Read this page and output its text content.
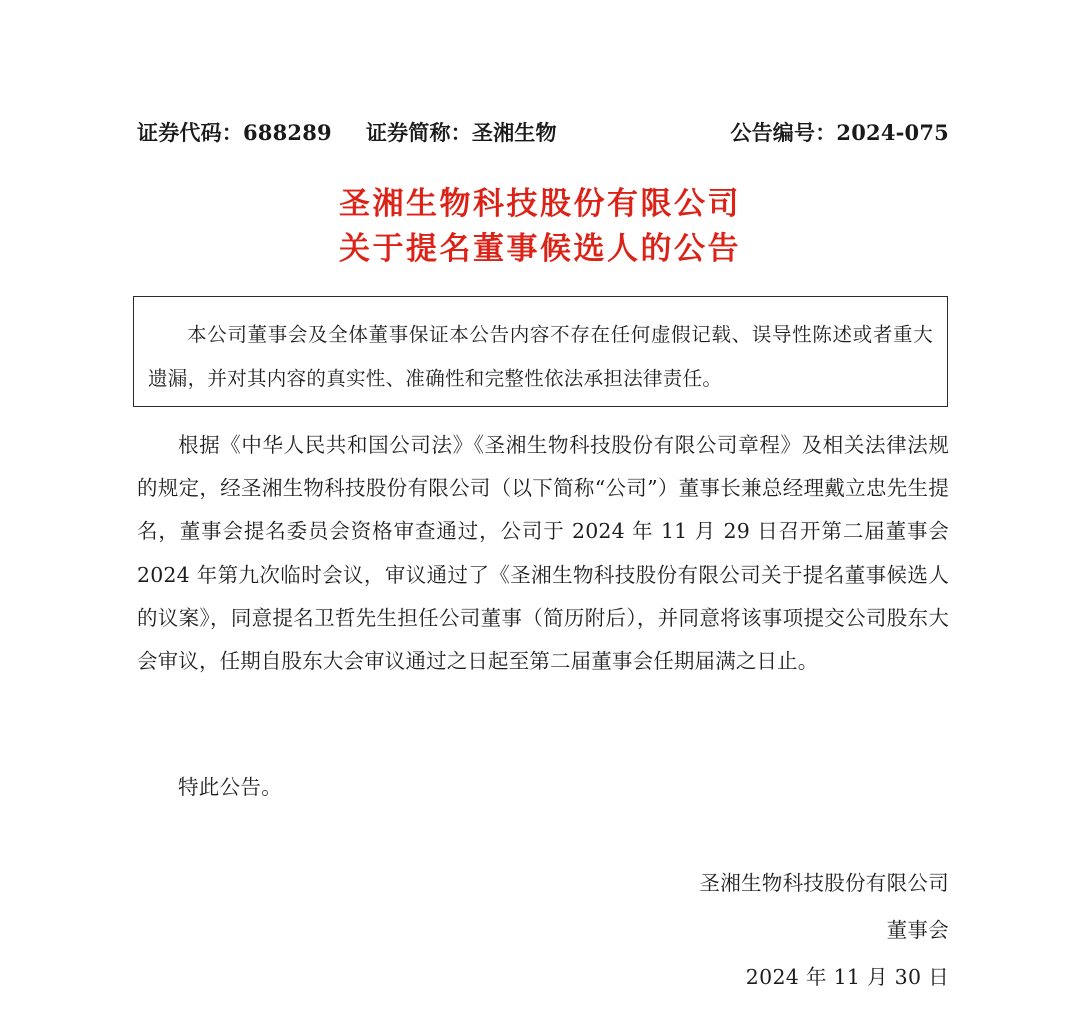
证券代码：688289 证券简称：圣湘生物	公告编号：2024-075
圣湘生物科技股份有限公司
关于提名董事候选人的公告
本公司董事会及全体董事保证本公告内容不存在任何虚假记载、误导性陈述或者重大遗漏，并对其内容的真实性、准确性和完整性依法承担法律责任。
根据《中华人民共和国公司法》《圣湘生物科技股份有限公司章程》及相关法律法规的规定，经圣湘生物科技股份有限公司（以下简称“公司”）董事长兼总经理戴立忠先生提名，董事会提名委员会资格审查通过，公司于 2024 年 11 月 29 日召开第二届董事会 2024 年第九次临时会议，审议通过了《圣湘生物科技股份有限公司关于提名董事候选人的议案》，同意提名卫哲先生担任公司董事（简历附后），并同意将该事项提交公司股东大会审议，任期自股东大会审议通过之日起至第二届董事会任期届满之日止。
特此公告。
圣湘生物科技股份有限公司
董事会
2024 年 11 月 30 日
